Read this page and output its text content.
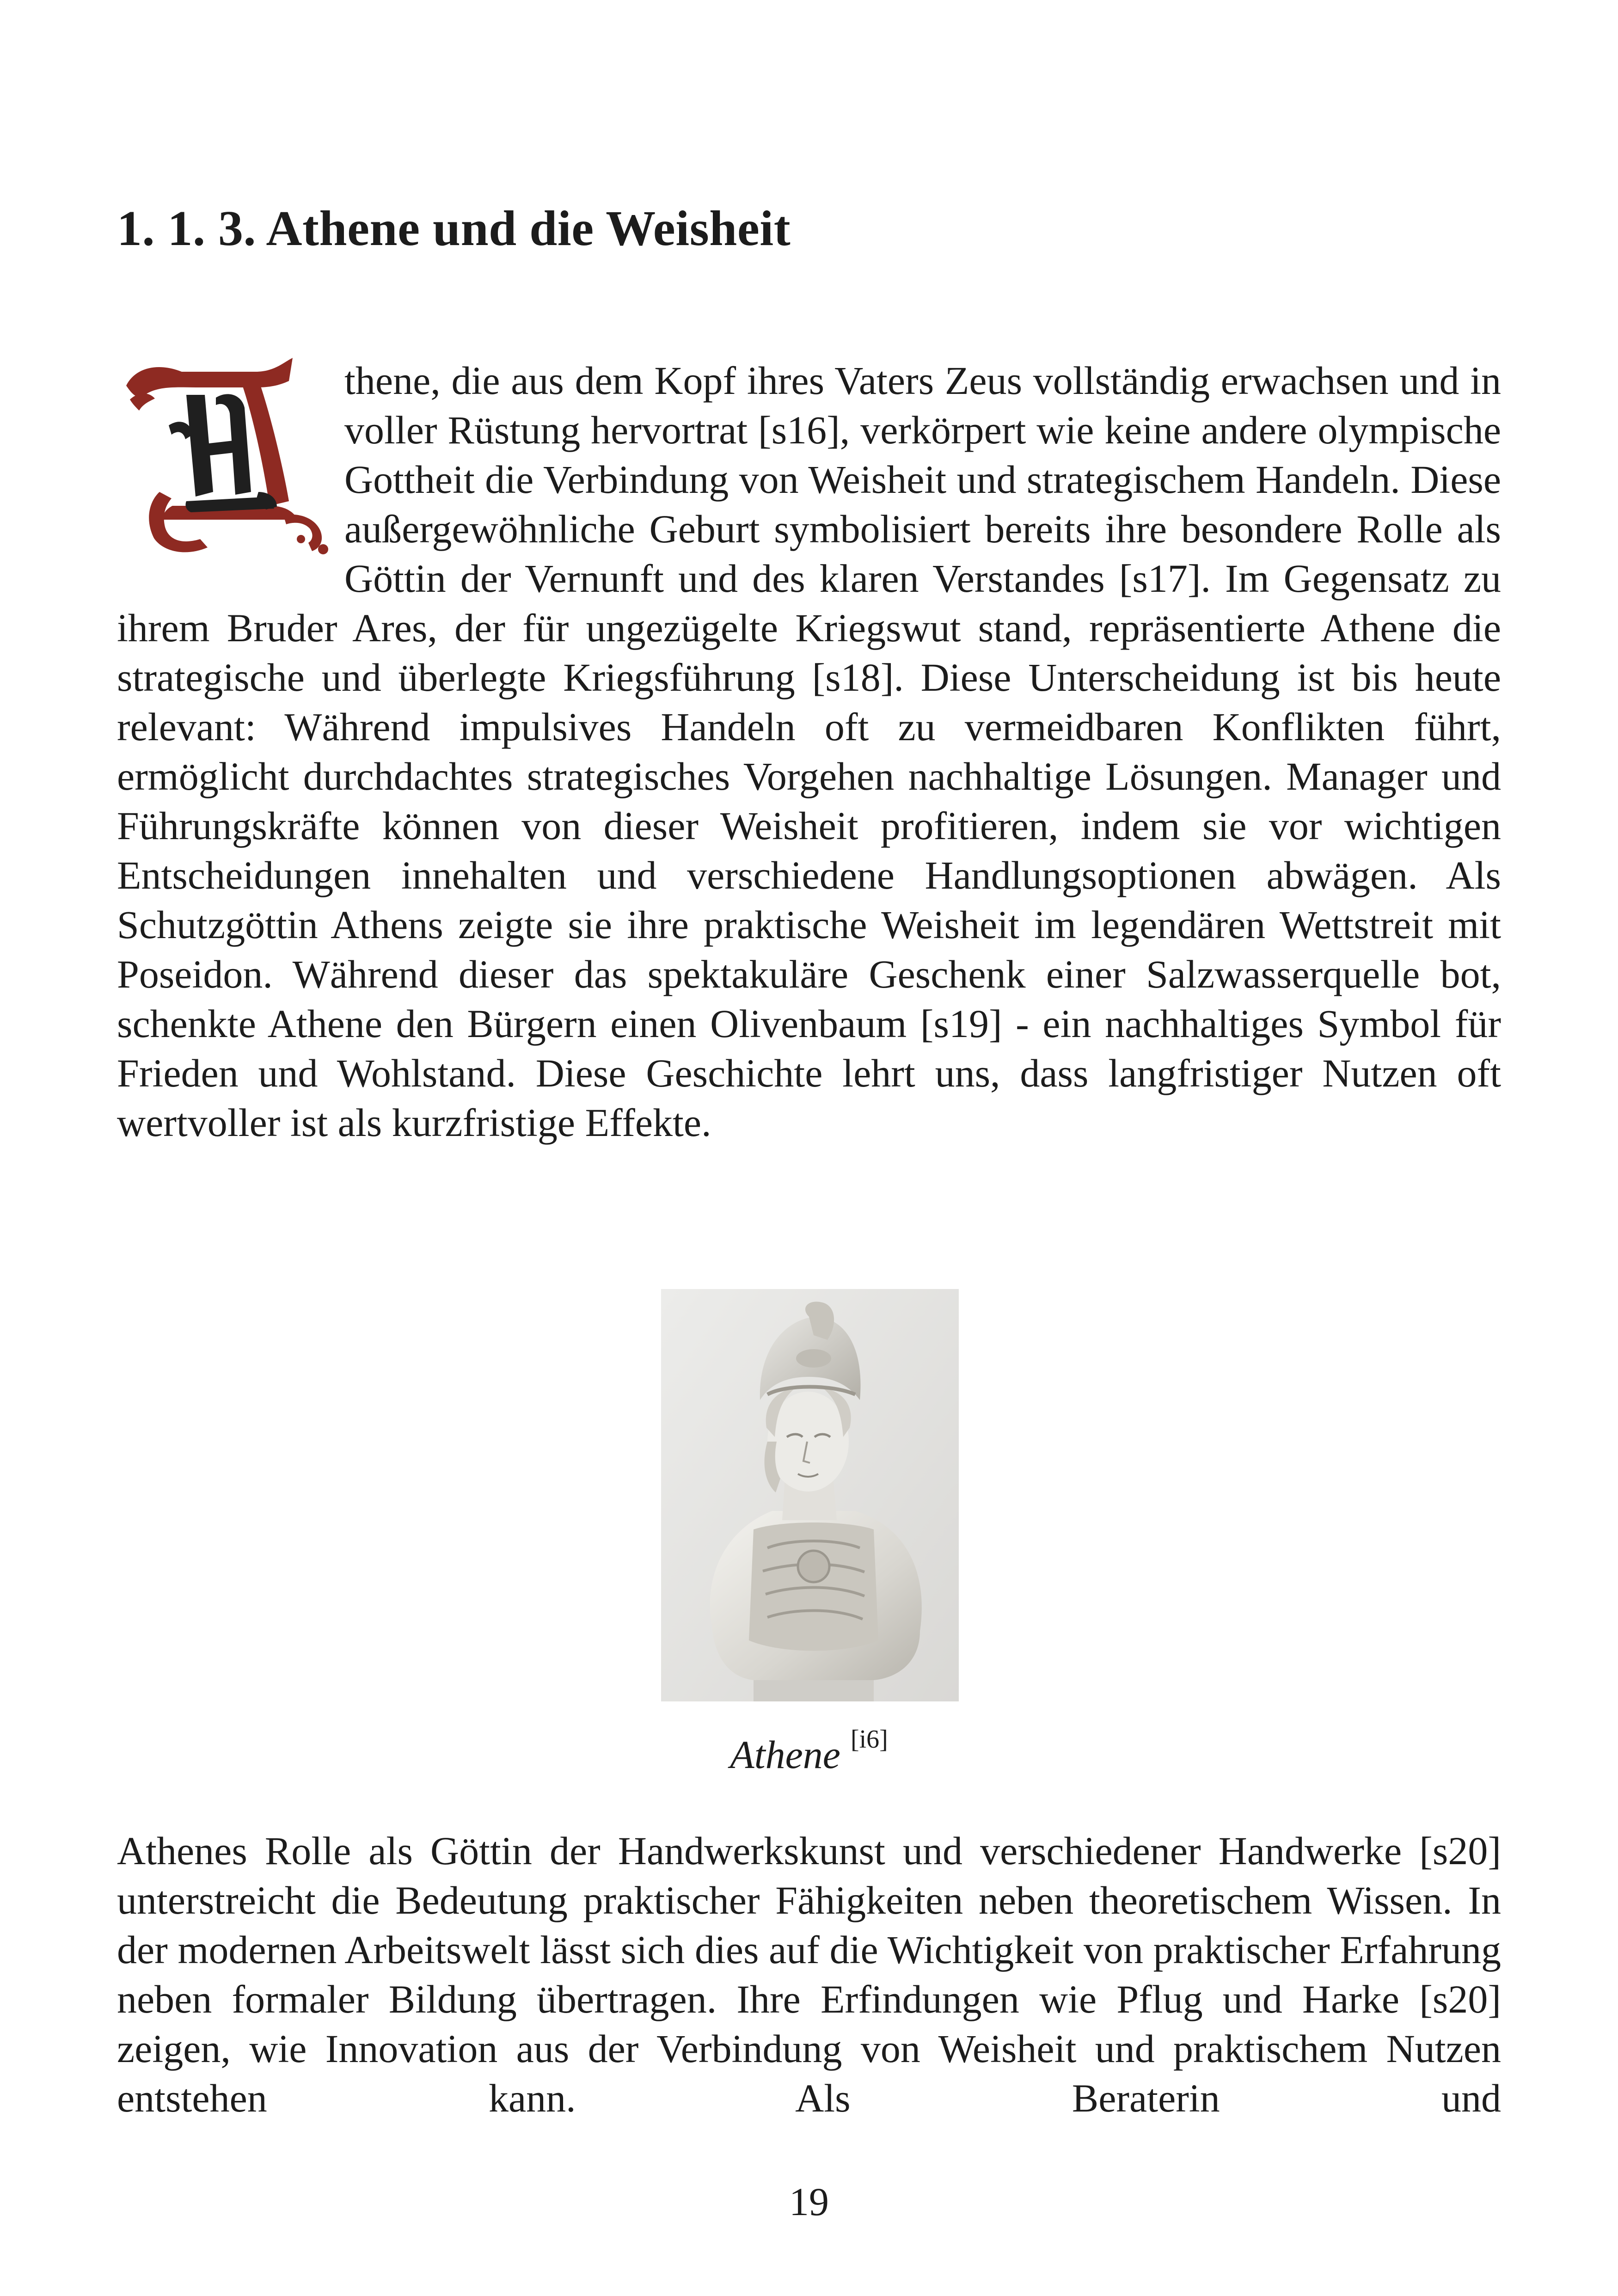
1. 1. 3. Athene und die Weisheit

thene, die aus dem Kopf ihres Vaters Zeus vollständig erwachsen und in voller Rüstung hervortrat [s16], verkörpert wie keine andere olympische Gottheit die Verbindung von Weisheit und strategischem Handeln. Diese außergewöhnliche Geburt symbolisiert bereits ihre besondere Rolle als Göttin der Vernunft und des klaren Verstandes [s17]. Im Gegensatz zu ihrem Bruder Ares, der für ungezügelte Kriegswut stand, repräsentierte Athene die strategische und überlegte Kriegsführung [s18]. Diese Unterscheidung ist bis heute relevant: Während impulsives Handeln oft zu vermeidbaren Konflikten führt, ermöglicht durchdachtes strategisches Vorgehen nachhaltige Lösungen. Manager und Führungskräfte können von dieser Weisheit profitieren, indem sie vor wichtigen Entscheidungen innehalten und verschiedene Handlungsoptionen abwägen. Als Schutzgöttin Athens zeigte sie ihre praktische Weisheit im legendären Wettstreit mit Poseidon. Während dieser das spektakuläre Geschenk einer Salzwasserquelle bot, schenkte Athene den Bürgern einen Olivenbaum [s19] - ein nachhaltiges Symbol für Frieden und Wohlstand. Diese Geschichte lehrt uns, dass langfristiger Nutzen oft wertvoller ist als kurzfristige Effekte.

Athene [i6]

Athenes Rolle als Göttin der Handwerkskunst und verschiedener Handwerke [s20] unterstreicht die Bedeutung praktischer Fähigkeiten neben theoretischem Wissen. In der modernen Arbeitswelt lässt sich dies auf die Wichtigkeit von praktischer Erfahrung neben formaler Bildung übertragen. Ihre Erfindungen wie Pflug und Harke [s20] zeigen, wie Innovation aus der Verbindung von Weisheit und praktischem Nutzen entstehen kann. Als Beraterin und

19
